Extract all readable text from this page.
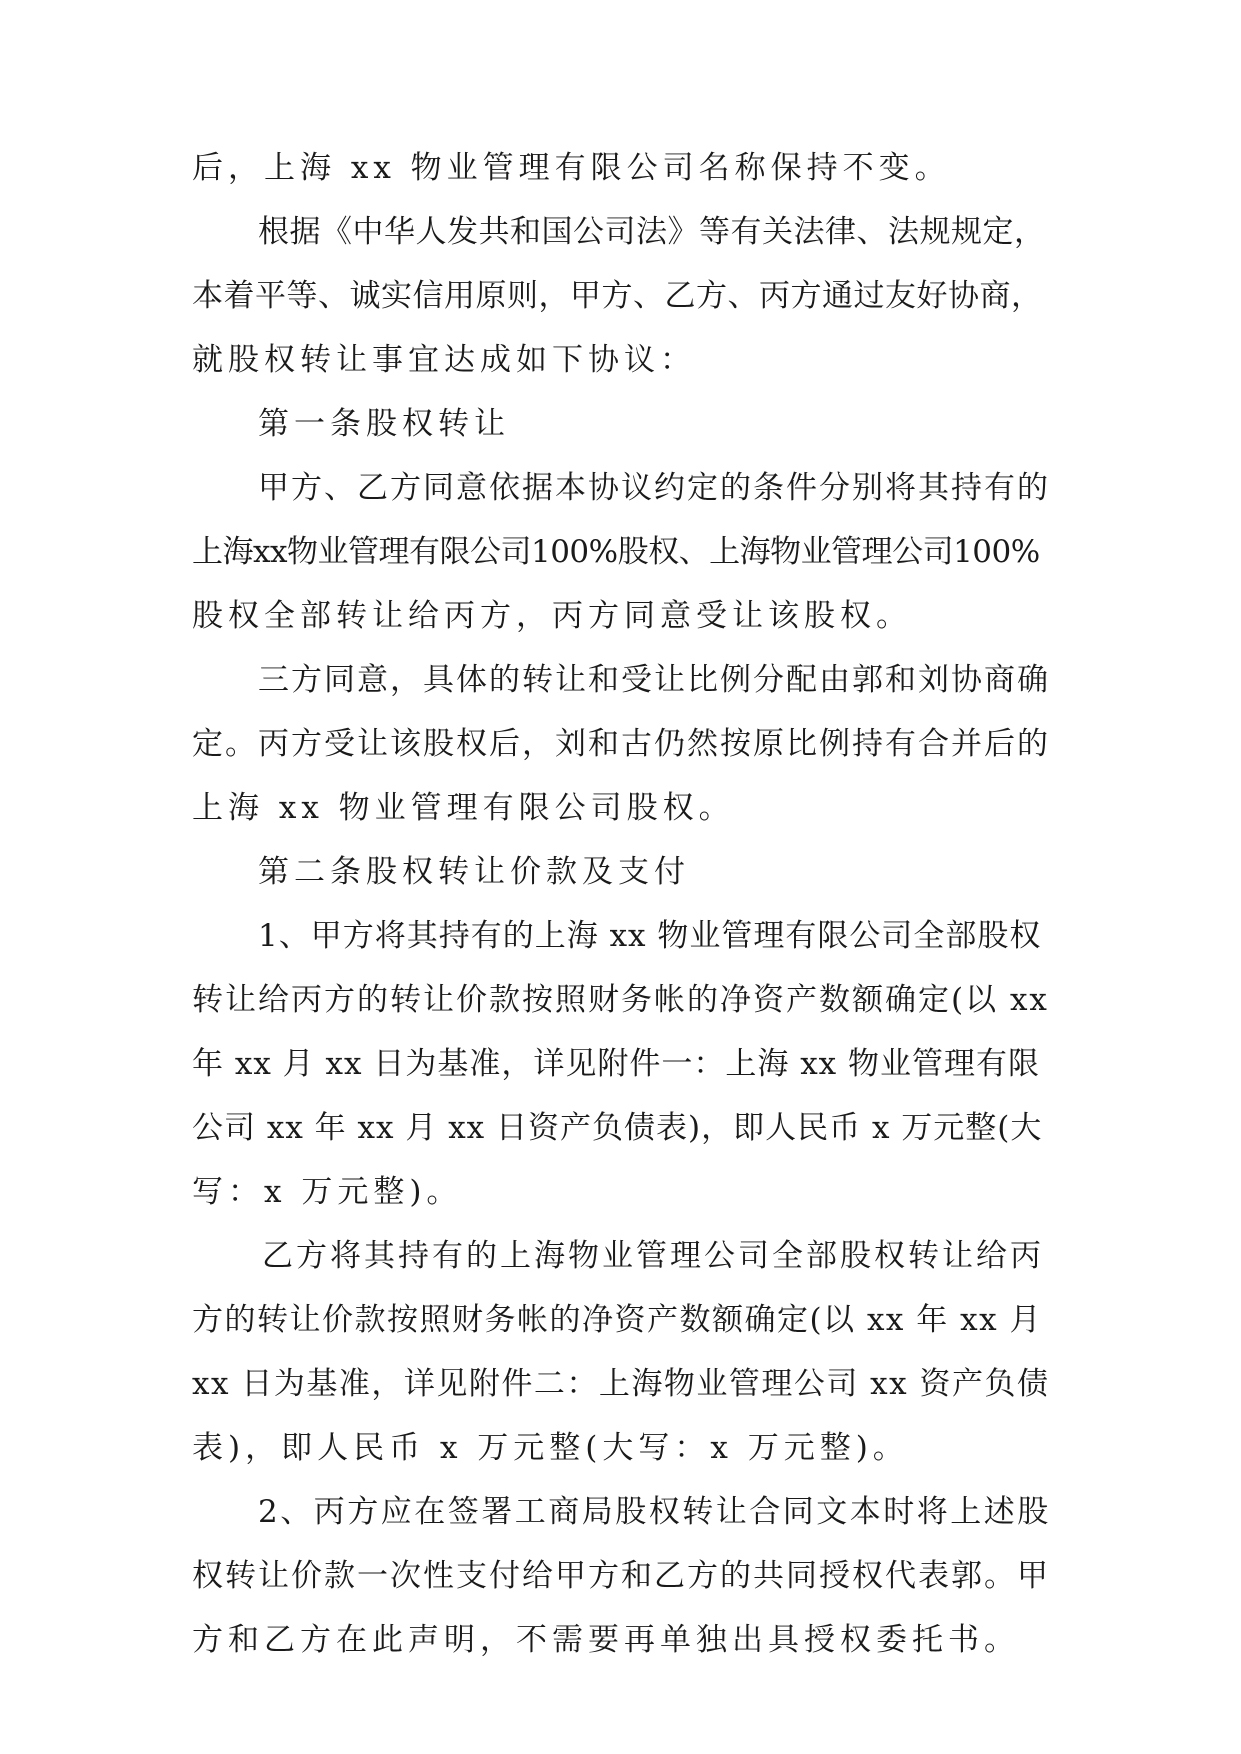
后，上海 xx 物业管理有限公司名称保持不变。
根据《中华人发共和国公司法》等有关法律、法规规定，
本着平等、诚实信用原则，甲方、乙方、丙方通过友好协商，
就股权转让事宜达成如下协议：
第一条股权转让
甲方、乙方同意依据本协议约定的条件分别将其持有的
上海xx物业管理有限公司100%股权、上海物业管理公司100%
股权全部转让给丙方，丙方同意受让该股权。
三方同意，具体的转让和受让比例分配由郭和刘协商确
定。丙方受让该股权后，刘和古仍然按原比例持有合并后的
上海 xx 物业管理有限公司股权。
第二条股权转让价款及支付
1、甲方将其持有的上海 xx 物业管理有限公司全部股权
转让给丙方的转让价款按照财务帐的净资产数额确定(以 xx
年 xx 月 xx 日为基准，详见附件一：上海 xx 物业管理有限
公司 xx 年 xx 月 xx 日资产负债表)，即人民币 x 万元整(大
写：x 万元整)。
乙方将其持有的上海物业管理公司全部股权转让给丙
方的转让价款按照财务帐的净资产数额确定(以 xx 年 xx 月
xx 日为基准，详见附件二：上海物业管理公司 xx 资产负债
表)，即人民币 x 万元整(大写：x 万元整)。
2、丙方应在签署工商局股权转让合同文本时将上述股
权转让价款一次性支付给甲方和乙方的共同授权代表郭。甲
方和乙方在此声明，不需要再单独出具授权委托书。
